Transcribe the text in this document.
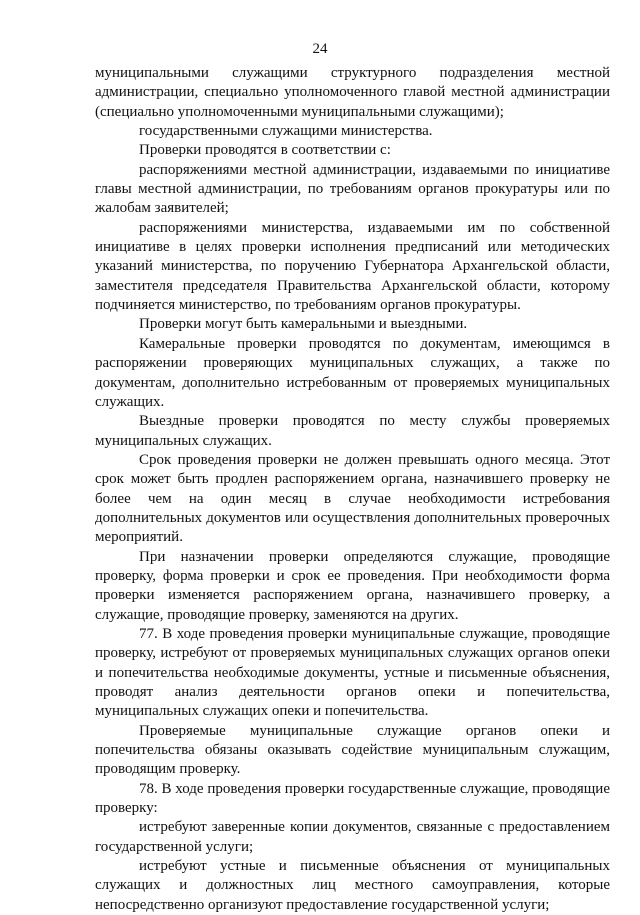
24

муниципальными служащими структурного подразделения местной администрации, специально уполномоченного главой местной администрации (специально уполномоченными муниципальными служащими);

государственными служащими министерства.

Проверки проводятся в соответствии с:

распоряжениями местной администрации, издаваемыми по инициативе главы местной администрации, по требованиям органов прокуратуры или по жалобам заявителей;

распоряжениями министерства, издаваемыми им по собственной инициативе в целях проверки исполнения предписаний или методических указаний министерства, по поручению Губернатора Архангельской области, заместителя председателя Правительства Архангельской области, которому подчиняется министерство, по требованиям органов прокуратуры.

Проверки могут быть камеральными и выездными.

Камеральные проверки проводятся по документам, имеющимся в распоряжении проверяющих муниципальных служащих, а также по документам, дополнительно истребованным от проверяемых муниципальных служащих.

Выездные проверки проводятся по месту службы проверяемых муниципальных служащих.

Срок проведения проверки не должен превышать одного месяца. Этот срок может быть продлен распоряжением органа, назначившего проверку не более чем на один месяц в случае необходимости истребования дополнительных документов или осуществления дополнительных проверочных мероприятий.

При назначении проверки определяются служащие, проводящие проверку, форма проверки и срок ее проведения. При необходимости форма проверки изменяется распоряжением органа, назначившего проверку, а служащие, проводящие проверку, заменяются на других.

77. В ходе проведения проверки муниципальные служащие, проводящие проверку, истребуют от проверяемых муниципальных служащих органов опеки и попечительства необходимые документы, устные и письменные объяснения, проводят анализ деятельности органов опеки и попечительства, муниципальных служащих опеки и попечительства.

Проверяемые муниципальные служащие органов опеки и попечительства обязаны оказывать содействие муниципальным служащим, проводящим проверку.

78. В ходе проведения проверки государственные служащие, проводящие проверку:

истребуют заверенные копии документов, связанные с предоставлением государственной услуги;

истребуют устные и письменные объяснения от муниципальных служащих и должностных лиц местного самоуправления, которые непосредственно организуют предоставление государственной услуги;
